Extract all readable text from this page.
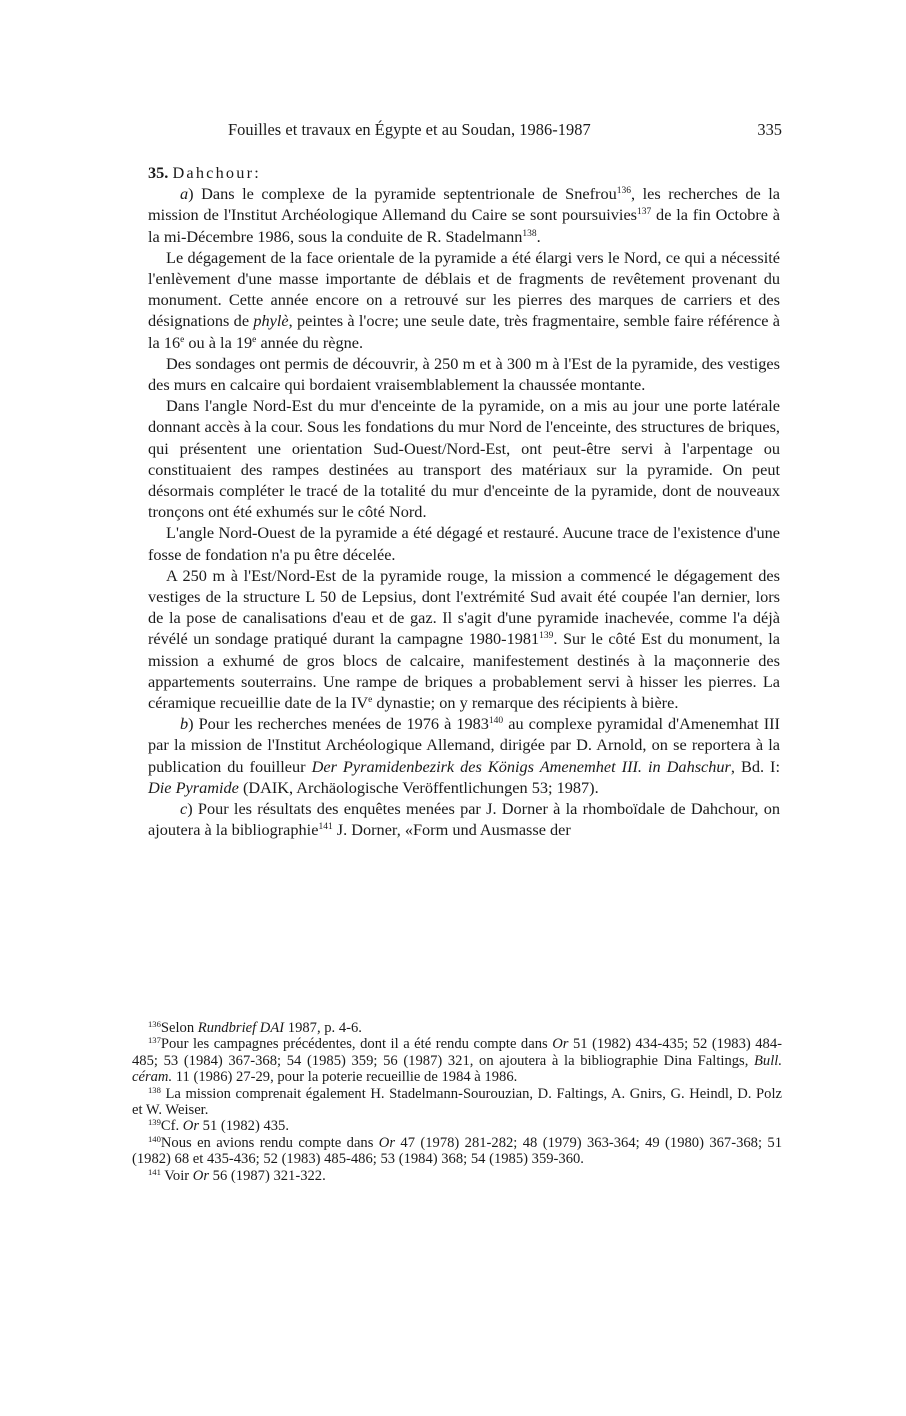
Fouilles et travaux en Égypte et au Soudan, 1986-1987	335

35. Dahchour:

a) Dans le complexe de la pyramide septentrionale de Snefrou$^{136}$, les recherches de la mission de l'Institut Archéologique Allemand du Caire se sont poursuivies$^{137}$ de la fin Octobre à la mi-Décembre 1986, sous la conduite de R. Stadelmann$^{138}$.

Le dégagement de la face orientale de la pyramide a été élargi vers le Nord, ce qui a nécessité l'enlèvement d'une masse importante de déblais et de fragments de revêtement provenant du monument. Cette année encore on a retrouvé sur les pierres des marques de carriers et des désignations de phylè, peintes à l'ocre; une seule date, très fragmentaire, semble faire référence à la 16e ou à la 19e année du règne.

Des sondages ont permis de découvrir, à 250 m et à 300 m à l'Est de la pyramide, des vestiges des murs en calcaire qui bordaient vraisemblablement la chaussée montante.

Dans l'angle Nord-Est du mur d'enceinte de la pyramide, on a mis au jour une porte latérale donnant accès à la cour. Sous les fondations du mur Nord de l'enceinte, des structures de briques, qui présentent une orientation Sud-Ouest/Nord-Est, ont peut-être servi à l'arpentage ou constituaient des rampes destinées au transport des matériaux sur la pyramide. On peut désormais compléter le tracé de la totalité du mur d'enceinte de la pyramide, dont de nouveaux tronçons ont été exhumés sur le côté Nord.

L'angle Nord-Ouest de la pyramide a été dégagé et restauré. Aucune trace de l'existence d'une fosse de fondation n'a pu être décelée.

A 250 m à l'Est/Nord-Est de la pyramide rouge, la mission a commencé le dégagement des vestiges de la structure L 50 de Lepsius, dont l'extrémité Sud avait été coupée l'an dernier, lors de la pose de canalisations d'eau et de gaz. Il s'agit d'une pyramide inachevée, comme l'a déjà révélé un sondage pratiqué durant la campagne 1980-1981$^{139}$. Sur le côté Est du monument, la mission a exhumé de gros blocs de calcaire, manifestement destinés à la maçonnerie des appartements souterrains. Une rampe de briques a probablement servi à hisser les pierres. La céramique recueillie date de la IVe dynastie; on y remarque des récipients à bière.

b) Pour les recherches menées de 1976 à 1983$^{140}$ au complexe pyramidal d'Amenemhat III par la mission de l'Institut Archéologique Allemand, dirigée par D. Arnold, on se reportera à la publication du fouilleur Der Pyramidenbezirk des Königs Amenemhet III. in Dahschur, Bd. I: Die Pyramide (DAIK, Archäologische Veröffentlichungen 53; 1987).

c) Pour les résultats des enquêtes menées par J. Dorner à la rhomboïdale de Dahchour, on ajoutera à la bibliographie$^{141}$ J. Dorner, «Form und Ausmasse der

$^{136}$Selon Rundbrief DAI 1987, p. 4-6.

$^{137}$Pour les campagnes précédentes, dont il a été rendu compte dans Or 51 (1982) 434-435; 52 (1983) 484-485; 53 (1984) 367-368; 54 (1985) 359; 56 (1987) 321, on ajoutera à la bibliographie Dina Faltings, Bull. céram. 11 (1986) 27-29, pour la poterie recueillie de 1984 à 1986.

$^{138}$ La mission comprenait également H. Stadelmann-Sourouzian, D. Faltings, A. Gnirs, G. Heindl, D. Polz et W. Weiser.

$^{139}$Cf. Or 51 (1982) 435.

$^{140}$Nous en avions rendu compte dans Or 47 (1978) 281-282; 48 (1979) 363-364; 49 (1980) 367-368; 51 (1982) 68 et 435-436; 52 (1983) 485-486; 53 (1984) 368; 54 (1985) 359-360.

$^{141}$ Voir Or 56 (1987) 321-322.
